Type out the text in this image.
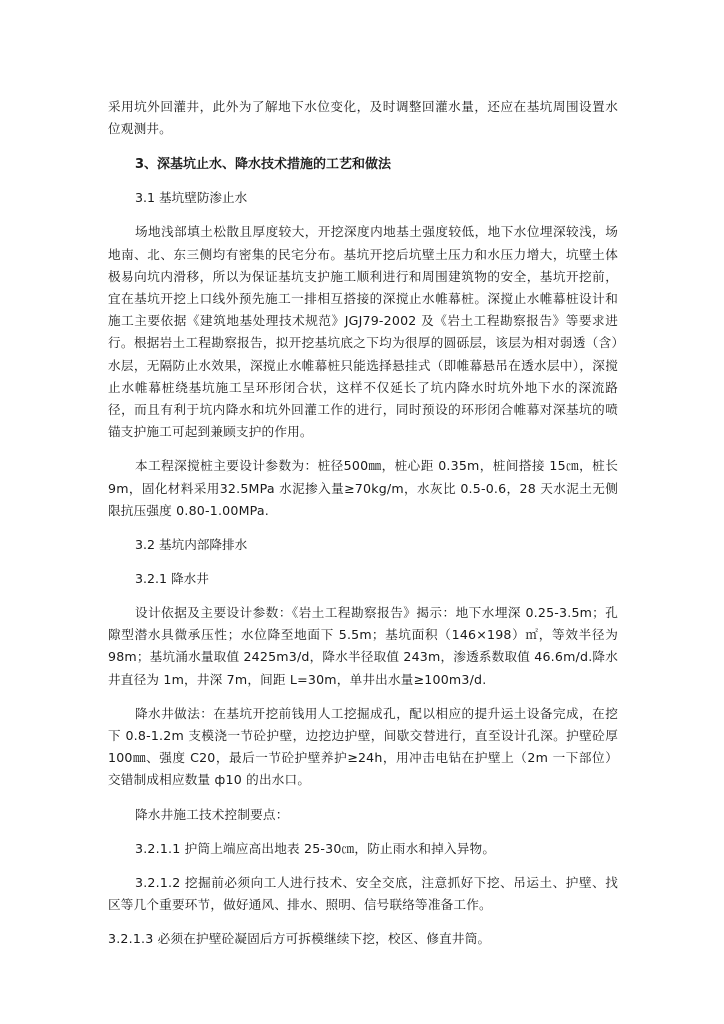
采用坑外回灌井，此外为了解地下水位变化，及时调整回灌水量，还应在基坑周围设置水位观测井。

3、深基坑止水、降水技术措施的工艺和做法

3.1 基坑壁防渗止水

场地浅部填土松散且厚度较大，开挖深度内地基土强度较低，地下水位埋深较浅，场地南、北、东三侧均有密集的民宅分布。基坑开挖后坑壁土压力和水压力增大，坑壁土体极易向坑内滑移，所以为保证基坑支护施工顺利进行和周围建筑物的安全，基坑开挖前，宜在基坑开挖上口线外预先施工一排相互搭接的深搅止水帷幕桩。深搅止水帷幕桩设计和施工主要依据《建筑地基处理技术规范》JGJ79-2002 及《岩土工程勘察报告》等要求进行。根据岩土工程勘察报告，拟开挖基坑底之下均为很厚的圆砾层，该层为相对弱透（含）水层，无隔防止水效果，深搅止水帷幕桩只能选择悬挂式（即帷幕悬吊在透水层中），深搅止水帷幕桩绕基坑施工呈环形闭合状，这样不仅延长了坑内降水时坑外地下水的深流路径，而且有利于坑内降水和坑外回灌工作的进行，同时预设的环形闭合帷幕对深基坑的喷锚支护施工可起到兼顾支护的作用。

本工程深搅桩主要设计参数为：桩径500㎜，桩心距 0.35m，桩间搭接 15㎝，桩长9m，固化材料采用32.5MPa 水泥掺入量≥70kg/m，水灰比 0.5-0.6，28 天水泥土无侧限抗压强度 0.80-1.00MPa.

3.2 基坑内部降排水

3.2.1 降水井

设计依据及主要设计参数：《岩土工程勘察报告》揭示：地下水埋深 0.25-3.5m；孔隙型潜水具微承压性；水位降至地面下 5.5m；基坑面积（146×198）㎡，等效半径为98m；基坑涌水量取值 2425m3/d，降水半径取值 243m，渗透系数取值 46.6m/d.降水井直径为 1m，井深 7m，间距 L=30m，单井出水量≥100m3/d.

降水井做法：在基坑开挖前钱用人工挖掘成孔，配以相应的提升运土设备完成，在挖下 0.8-1.2m 支模浇一节砼护壁，边挖边护壁，间歇交替进行，直至设计孔深。护壁砼厚100㎜、强度 C20，最后一节砼护壁养护≥24h，用冲击电钻在护壁上（2m 一下部位）交错制成相应数量 ф10 的出水口。

降水井施工技术控制要点：

3.2.1.1 护筒上端应高出地表 25-30㎝，防止雨水和掉入异物。

3.2.1.2 挖掘前必须向工人进行技术、安全交底，注意抓好下挖、吊运土、护壁、找区等几个重要环节，做好通风、排水、照明、信号联络等准备工作。

3.2.1.3 必须在护壁砼凝固后方可拆模继续下挖，校区、修直井筒。
